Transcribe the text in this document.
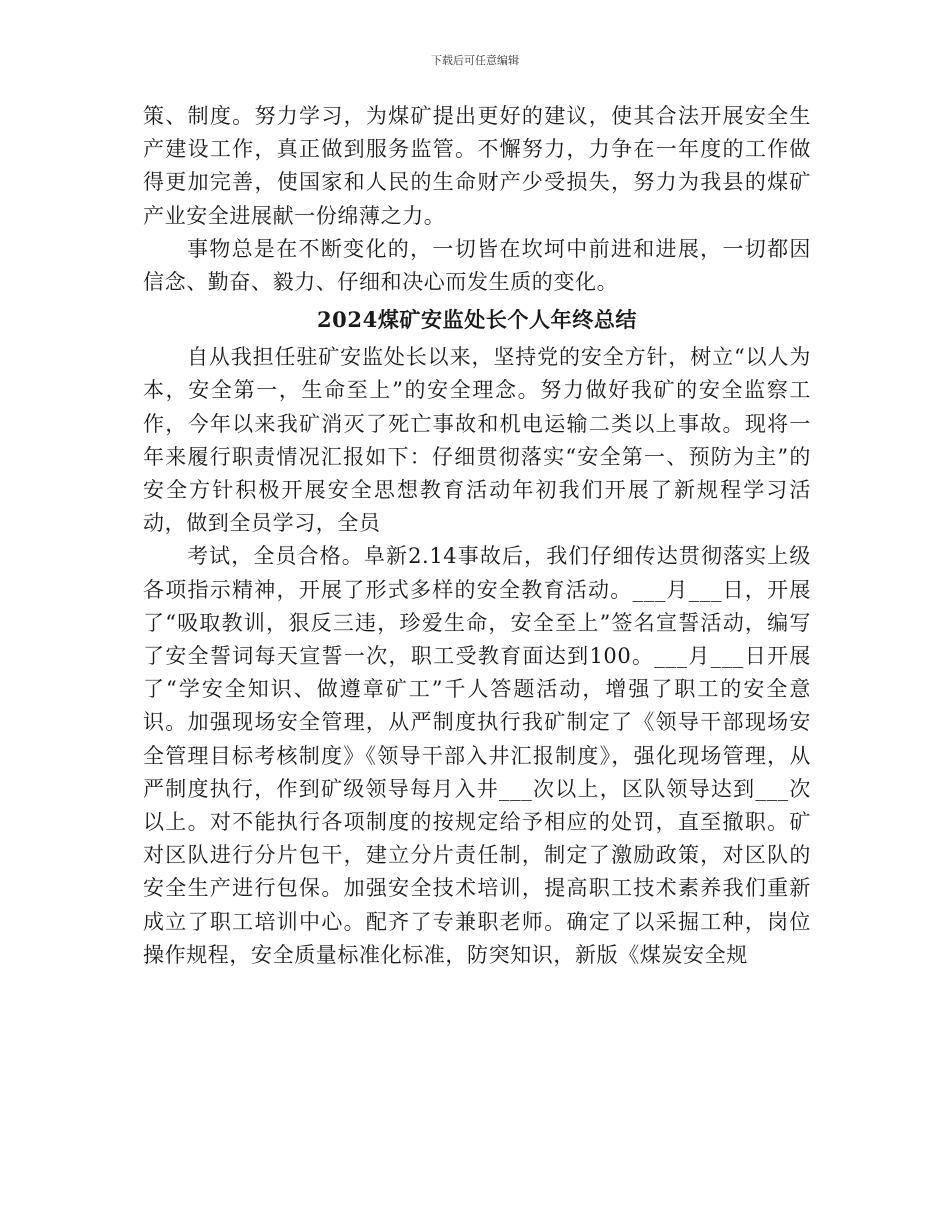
下载后可任意编辑

策、制度。努力学习，为煤矿提出更好的建议，使其合法开展安全生产建设工作，真正做到服务监管。不懈努力，力争在一年度的工作做得更加完善，使国家和人民的生命财产少受损失，努力为我县的煤矿产业安全进展献一份绵薄之力。

事物总是在不断变化的，一切皆在坎坷中前进和进展，一切都因信念、勤奋、毅力、仔细和决心而发生质的变化。

2024煤矿安监处长个人年终总结

自从我担任驻矿安监处长以来，坚持党的安全方针，树立“以人为本，安全第一，生命至上”的安全理念。努力做好我矿的安全监察工作，今年以来我矿消灭了死亡事故和机电运输二类以上事故。现将一年来履行职责情况汇报如下：仔细贯彻落实“安全第一、预防为主”的安全方针积极开展安全思想教育活动年初我们开展了新规程学习活动，做到全员学习，全员

考试，全员合格。阜新2.14事故后，我们仔细传达贯彻落实上级各项指示精神，开展了形式多样的安全教育活动。___月___日，开展了“吸取教训，狠反三违，珍爱生命，安全至上”签名宣誓活动，编写了安全誓词每天宣誓一次，职工受教育面达到100。___月___日开展了“学安全知识、做遵章矿工”千人答题活动，增强了职工的安全意识。加强现场安全管理，从严制度执行我矿制定了《领导干部现场安全管理目标考核制度》《领导干部入井汇报制度》，强化现场管理，从严制度执行，作到矿级领导每月入井___次以上，区队领导达到___次以上。对不能执行各项制度的按规定给予相应的处罚，直至撤职。矿对区队进行分片包干，建立分片责任制，制定了激励政策，对区队的安全生产进行包保。加强安全技术培训，提高职工技术素养我们重新成立了职工培训中心。配齐了专兼职老师。确定了以采掘工种，岗位操作规程，安全质量标准化标准，防突知识，新版《煤炭安全规
